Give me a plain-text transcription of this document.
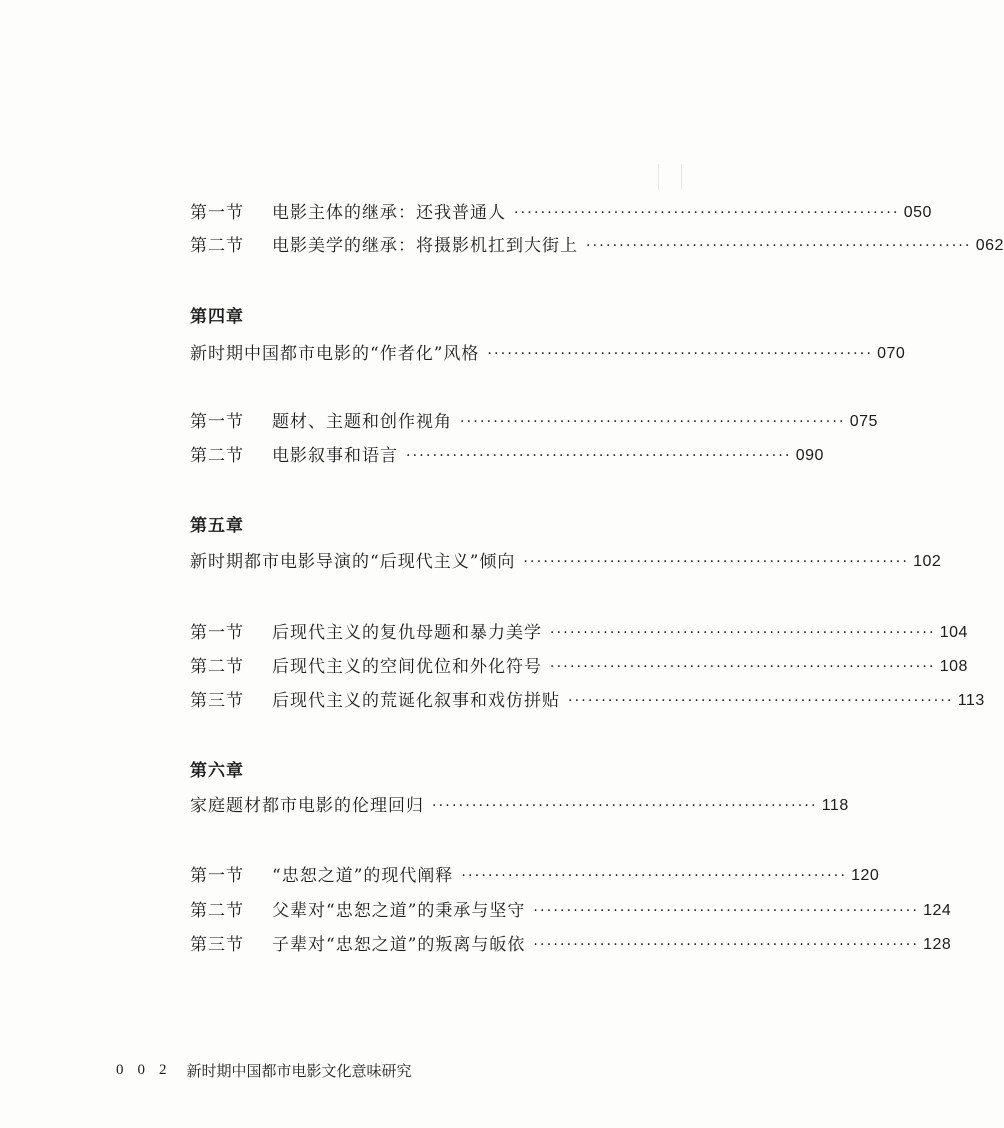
第一节	电影主体的继承：还我普通人 ·························································· 050
第二节	电影美学的继承：将摄影机扛到大街上 ·························································· 062
第四章
新时期中国都市电影的“作者化”风格 ·························································· 070
第一节	题材、主题和创作视角 ·························································· 075
第二节	电影叙事和语言 ·························································· 090
第五章
新时期都市电影导演的“后现代主义”倾向 ·························································· 102
第一节	后现代主义的复仇母题和暴力美学 ·························································· 104
第二节	后现代主义的空间优位和外化符号 ·························································· 108
第三节	后现代主义的荒诞化叙事和戏仿拼贴 ·························································· 113
第六章
家庭题材都市电影的伦理回归 ·························································· 118
第一节	“忠恕之道”的现代阐释 ·························································· 120
第二节	父辈对“忠恕之道”的秉承与坚守 ·························································· 124
第三节	子辈对“忠恕之道”的叛离与皈依 ·························································· 128
002 新时期中国都市电影文化意味研究
